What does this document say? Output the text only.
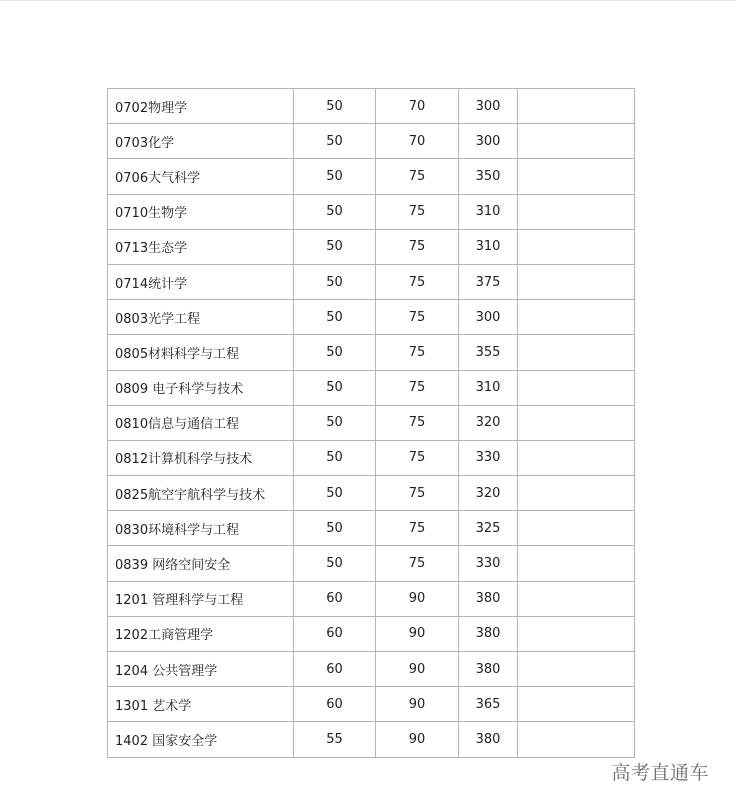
0702物理学	50	70	300	
0703化学	50	70	300	
0706大气科学	50	75	350	
0710生物学	50	75	310	
0713生态学	50	75	310	
0714统计学	50	75	375	
0803光学工程	50	75	300	
0805材料科学与工程	50	75	355	
0809 电子科学与技术	50	75	310	
0810信息与通信工程	50	75	320	
0812计算机科学与技术	50	75	330	
0825航空宇航科学与技术	50	75	320	
0830环境科学与工程	50	75	325	
0839 网络空间安全	50	75	330	
1201 管理科学与工程	60	90	380	
1202工商管理学	60	90	380	
1204 公共管理学	60	90	380	
1301 艺术学	60	90	365	
1402 国家安全学	55	90	380	
高考直通车
